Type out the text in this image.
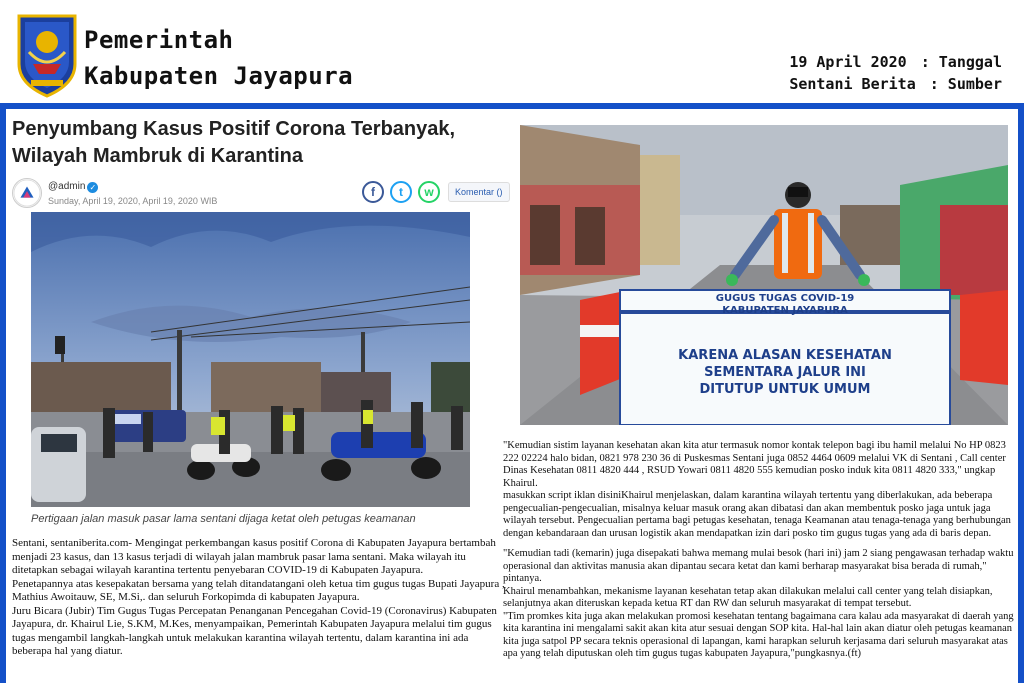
Pemerintah
Kabupaten Jayapura	19 April 2020 : Tanggal
Sentani Berita : Sumber
Penyumbang Kasus Positif Corona Terbanyak,
Wilayah Mambruk di Karantina
@admin ✓
Sunday, April 19, 2020, April 19, 2020 WIB
f	t	w	Komentar ()
Pertigaan jalan masuk pasar lama sentani dijaga ketat oleh petugas keamanan

Sentani, sentaniberita.com- Mengingat perkembangan kasus positif Corona di Kabupaten Jayapura bertambah menjadi 23 kasus, dan 13 kasus terjadi di wilayah jalan mambruk pasar lama sentani. Maka wilayah itu ditetapkan sebagai wilayah karantina tertentu penyebaran COVID-19 di Kabupaten Jayapura.

Penetapannya atas kesepakatan bersama yang telah ditandatangani oleh ketua tim gugus tugas Bupati Jayapura , Mathius Awoitauw, SE, M.Si,. dan seluruh Forkopimda di kabupaten Jayapura.

Juru Bicara (Jubir) Tim Gugus Tugas Percepatan Penanganan Pencegahan Covid-19 (Coronavirus) Kabupaten Jayapura, dr. Khairul Lie, S.KM, M.Kes, menyampaikan, Pemerintah Kabupaten Jayapura melalui tim gugus tugas mengambil langkah-langkah untuk melakukan karantina wilayah tertentu, dalam karantina ini ada beberapa hal yang diatur.

GUGUS TUGAS COVID-19
KABUPATEN JAYAPURA
KARENA ALASAN KESEHATAN
SEMENTARA JALUR INI
DITUTUP UNTUK UMUM

"Kemudian sistim layanan kesehatan akan kita atur termasuk nomor kontak telepon bagi ibu hamil melalui No HP 0823 222 02224 halo bidan, 0821 978 230 36 di Puskesmas Sentani juga 0852 4464 0609 melalui VK di Sentani , Call center Dinas Kesehatan 0811 4820 444 , RSUD Yowari 0811 4820 555 kemudian posko induk kita 0811 4820 333," ungkap Khairul.

masukkan script iklan disiniKhairul menjelaskan, dalam karantina wilayah tertentu yang diberlakukan, ada beberapa pengecualian-pengecualian, misalnya keluar masuk orang akan dibatasi dan akan membentuk posko jaga untuk jaga wilayah tersebut. Pengecualian pertama bagi petugas kesehatan, tenaga Keamanan atau tenaga-tenaga yang berhubungan dengan kebandaraan dan urusan logistik akan mendapatkan izin dari posko tim gugus tugas yang ada di baris depan.

"Kemudian tadi (kemarin) juga disepakati bahwa memang mulai besok (hari ini) jam 2 siang pengawasan terhadap waktu operasional dan aktivitas manusia akan dipantau secara ketat dan kami berharap masyarakat bisa berada di rumah," pintanya.

Khairul menambahkan, mekanisme layanan kesehatan tetap akan dilakukan melalui call center yang telah disiapkan, selanjutnya akan diteruskan kepada ketua RT dan RW dan seluruh masyarakat di tempat tersebut.

"Tim promkes kita juga akan melakukan promosi kesehatan tentang bagaimana cara kalau ada masyarakat di daerah yang kita karantina ini mengalami sakit akan kita atur sesuai dengan SOP kita. Hal-hal lain akan diatur oleh petugas keamanan kita juga satpol PP secara teknis operasional di lapangan, kami harapkan seluruh kerjasama dari seluruh masyarakat atas apa yang telah diputuskan oleh tim gugus tugas kabupaten Jayapura,"pungkasnya.(ft)
